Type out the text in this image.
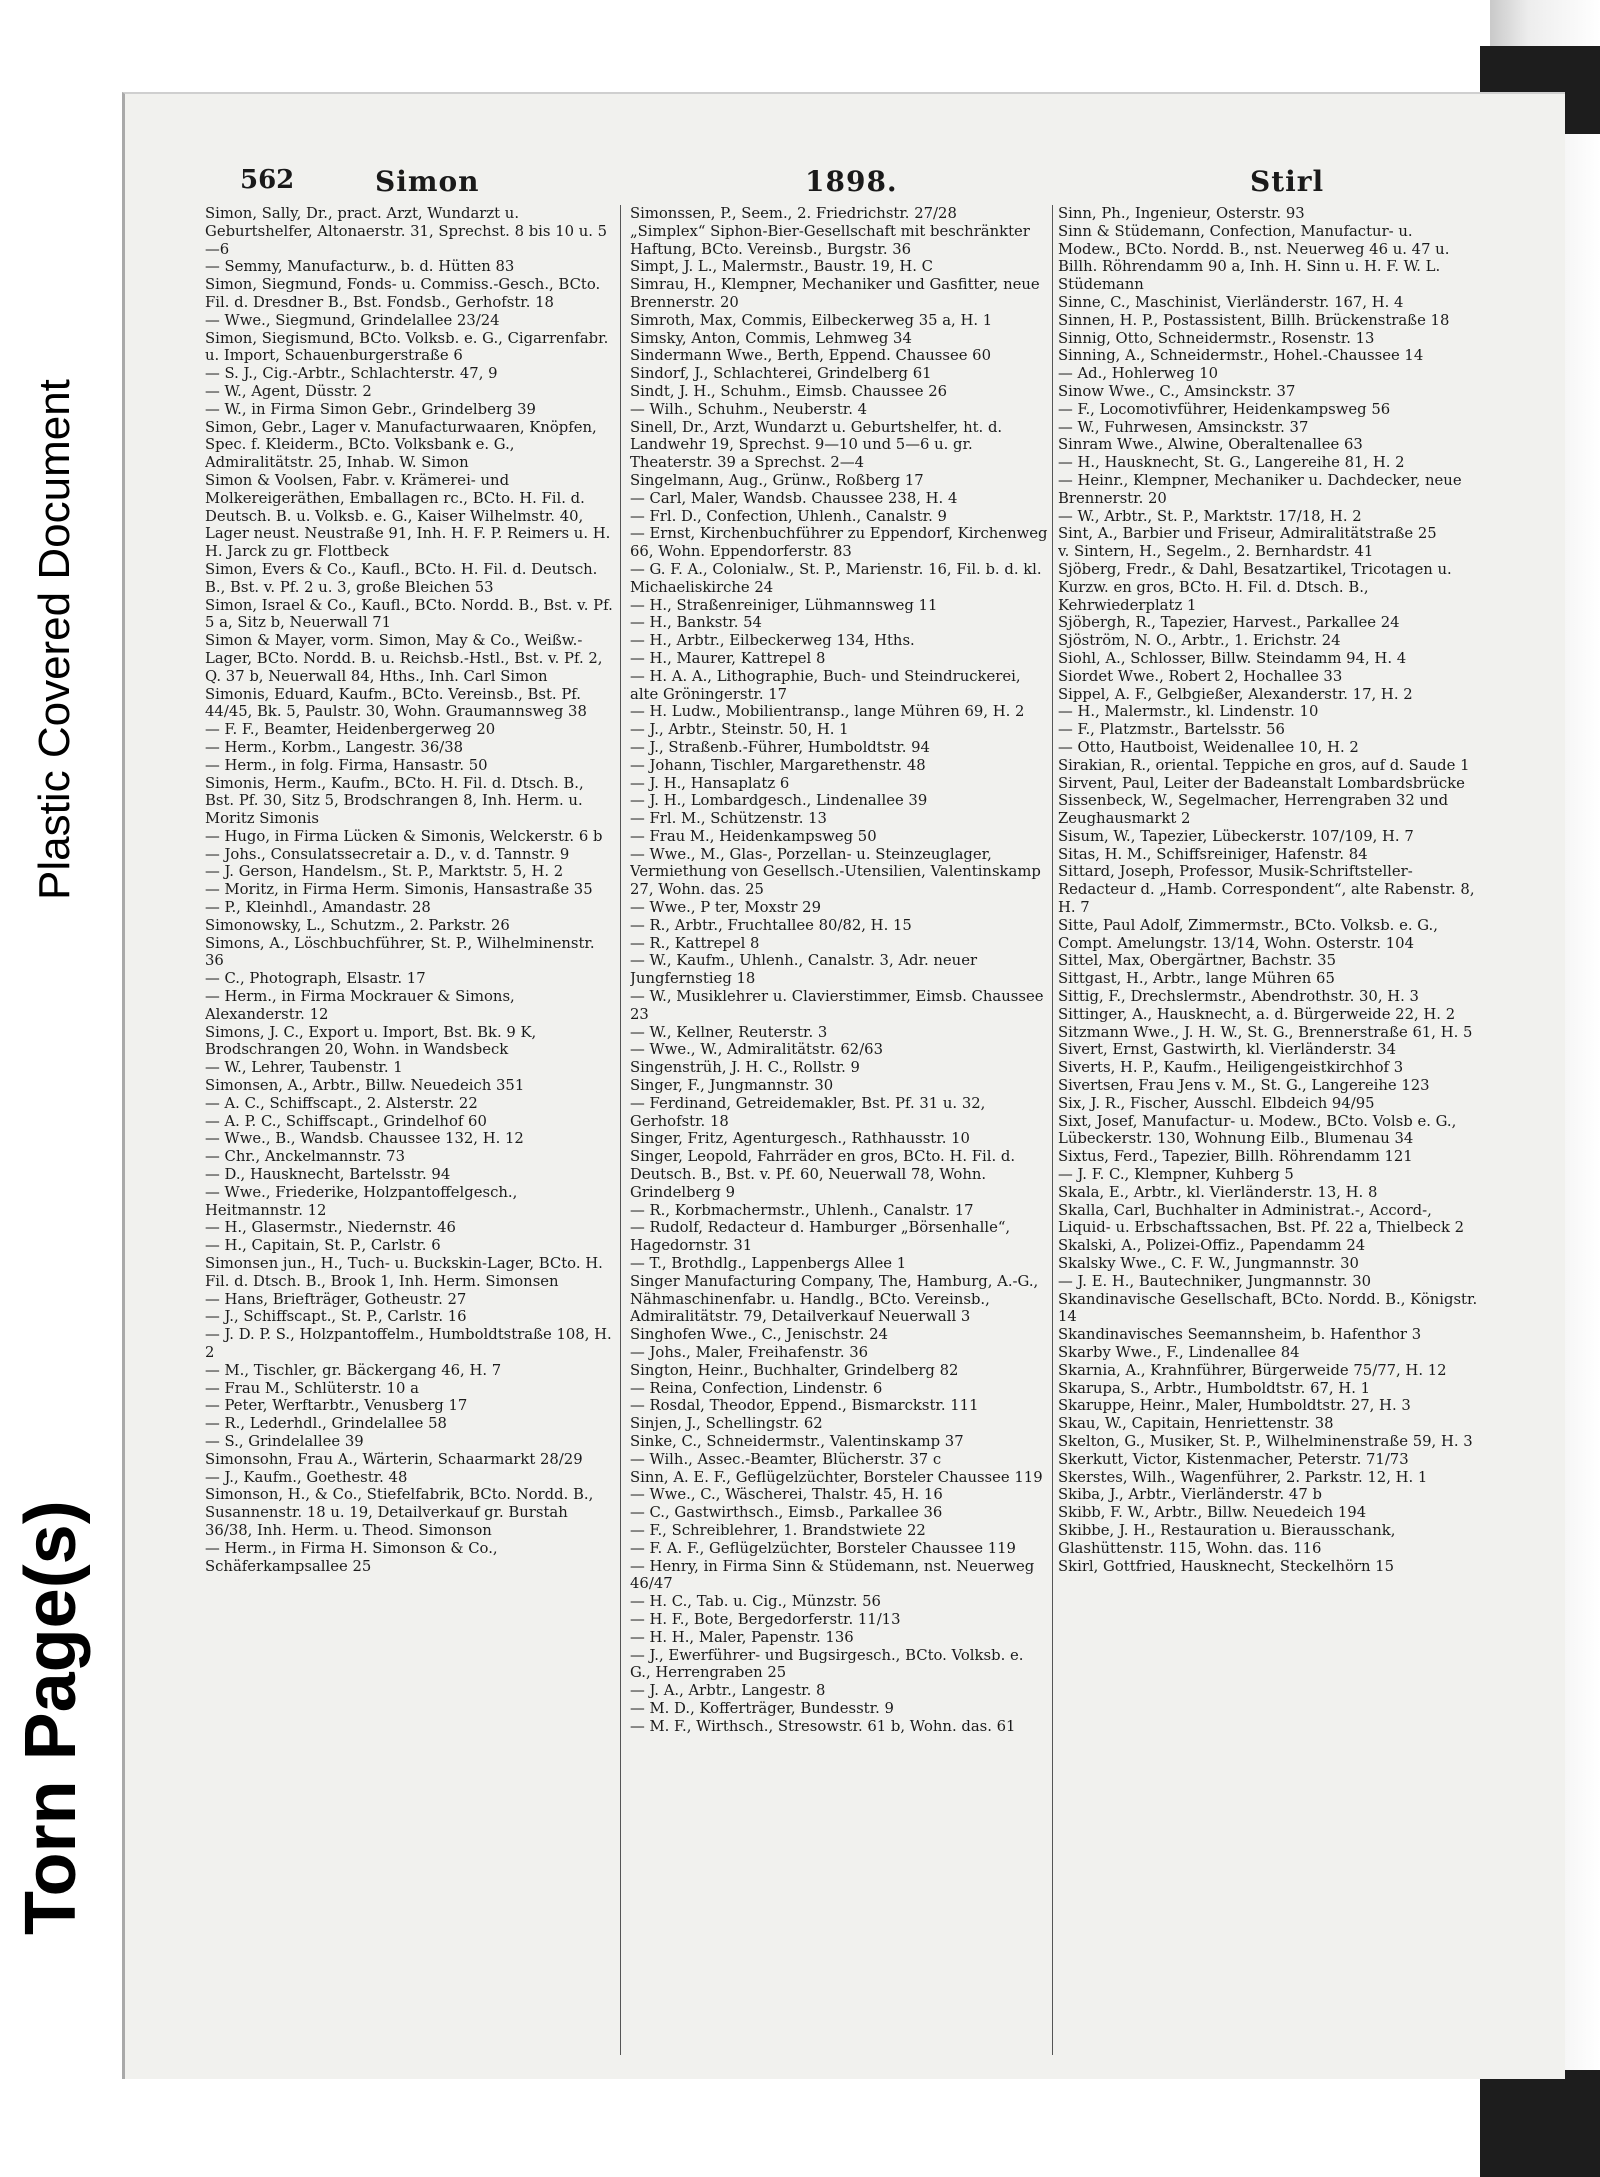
Plastic Covered Document
Torn Page(s)
562	Simon	1898.	Stirl
Simon, Sally, Dr., pract. Arzt, Wundarzt u. Geburtshelfer, Altonaerstr. 31, Sprechst. 8 bis 10 u. 5—6
— Semmy, Manufacturw., b. d. Hütten 83
Simon, Siegmund, Fonds- u. Commiss.-Gesch., BCto. Fil. d. Dresdner B., Bst. Fondsb., Gerhofstr. 18
— Wwe., Siegmund, Grindelallee 23/24
Simon, Siegismund, BCto. Volksb. e. G., Cigarrenfabr. u. Import, Schauenburgerstraße 6
— S. J., Cig.-Arbtr., Schlachterstr. 47, 9
— W., Agent, Düsstr. 2
— W., in Firma Simon Gebr., Grindelberg 39
Simon, Gebr., Lager v. Manufacturwaaren, Knöpfen, Spec. f. Kleiderm., BCto. Volksbank e. G., Admiralitätstr. 25, Inhab. W. Simon
Simon & Voolsen, Fabr. v. Krämerei- und Molkereigeräthen, Emballagen rc., BCto. H. Fil. d. Deutsch. B. u. Volksb. e. G., Kaiser Wilhelmstr. 40, Lager neust. Neustraße 91, Inh. H. F. P. Reimers u. H. H. Jarck zu gr. Flottbeck
Simon, Evers & Co., Kaufl., BCto. H. Fil. d. Deutsch. B., Bst. v. Pf. 2 u. 3, große Bleichen 53
Simon, Israel & Co., Kaufl., BCto. Nordd. B., Bst. v. Pf. 5 a, Sitz b, Neuerwall 71
Simon & Mayer, vorm. Simon, May & Co., Weißw.-Lager, BCto. Nordd. B. u. Reichsb.-Hstl., Bst. v. Pf. 2, Q. 37 b, Neuerwall 84, Hths., Inh. Carl Simon
Simonis, Eduard, Kaufm., BCto. Vereinsb., Bst. Pf. 44/45, Bk. 5, Paulstr. 30, Wohn. Graumannsweg 38
— F. F., Beamter, Heidenbergerweg 20
— Herm., Korbm., Langestr. 36/38
— Herm., in folg. Firma, Hansastr. 50
Simonis, Herm., Kaufm., BCto. H. Fil. d. Dtsch. B., Bst. Pf. 30, Sitz 5, Brodschrangen 8, Inh. Herm. u. Moritz Simonis
— Hugo, in Firma Lücken & Simonis, Welckerstr. 6 b
— Johs., Consulatssecretair a. D., v. d. Tannstr. 9
— J. Gerson, Handelsm., St. P., Marktstr. 5, H. 2
— Moritz, in Firma Herm. Simonis, Hansastraße 35
— P., Kleinhdl., Amandastr. 28
Simonowsky, L., Schutzm., 2. Parkstr. 26
Simons, A., Löschbuchführer, St. P., Wilhelminenstr. 36
— C., Photograph, Elsastr. 17
— Herm., in Firma Mockrauer & Simons, Alexanderstr. 12
Simons, J. C., Export u. Import, Bst. Bk. 9 K, Brodschrangen 20, Wohn. in Wandsbeck
— W., Lehrer, Taubenstr. 1
Simonsen, A., Arbtr., Billw. Neuedeich 351
— A. C., Schiffscapt., 2. Alsterstr. 22
— A. P. C., Schiffscapt., Grindelhof 60
— Wwe., B., Wandsb. Chaussee 132, H. 12
— Chr., Anckelmannstr. 73
— D., Hausknecht, Bartelsstr. 94
— Wwe., Friederike, Holzpantoffelgesch., Heitmannstr. 12
— H., Glasermstr., Niedernstr. 46
— H., Capitain, St. P., Carlstr. 6
Simonsen jun., H., Tuch- u. Buckskin-Lager, BCto. H. Fil. d. Dtsch. B., Brook 1, Inh. Herm. Simonsen
— Hans, Briefträger, Gotheustr. 27
— J., Schiffscapt., St. P., Carlstr. 16
— J. D. P. S., Holzpantoffelm., Humboldtstraße 108, H. 2
— M., Tischler, gr. Bäckergang 46, H. 7
— Frau M., Schlüterstr. 10 a
— Peter, Werftarbtr., Venusberg 17
— R., Lederhdl., Grindelallee 58
— S., Grindelallee 39
Simonsohn, Frau A., Wärterin, Schaarmarkt 28/29
— J., Kaufm., Goethestr. 48
Simonson, H., & Co., Stiefelfabrik, BCto. Nordd. B., Susannenstr. 18 u. 19, Detailverkauf gr. Burstah 36/38, Inh. Herm. u. Theod. Simonson
— Herm., in Firma H. Simonson & Co., Schäferkampsallee 25
Simonssen, P., Seem., 2. Friedrichstr. 27/28
„Simplex“ Siphon-Bier-Gesellschaft mit beschränkter Haftung, BCto. Vereinsb., Burgstr. 36
Simpt, J. L., Malermstr., Baustr. 19, H. C
Simrau, H., Klempner, Mechaniker und Gasfitter, neue Brennerstr. 20
Simroth, Max, Commis, Eilbeckerweg 35 a, H. 1
Simsky, Anton, Commis, Lehmweg 34
Sindermann Wwe., Berth, Eppend. Chaussee 60
Sindorf, J., Schlachterei, Grindelberg 61
Sindt, J. H., Schuhm., Eimsb. Chaussee 26
— Wilh., Schuhm., Neuberstr. 4
Sinell, Dr., Arzt, Wundarzt u. Geburtshelfer, ht. d. Landwehr 19, Sprechst. 9—10 und 5—6 u. gr. Theaterstr. 39 a Sprechst. 2—4
Singelmann, Aug., Grünw., Roßberg 17
— Carl, Maler, Wandsb. Chaussee 238, H. 4
— Frl. D., Confection, Uhlenh., Canalstr. 9
— Ernst, Kirchenbuchführer zu Eppendorf, Kirchenweg 66, Wohn. Eppendorferstr. 83
— G. F. A., Colonialw., St. P., Marienstr. 16, Fil. b. d. kl. Michaeliskirche 24
— H., Straßenreiniger, Lühmannsweg 11
— H., Bankstr. 54
— H., Arbtr., Eilbeckerweg 134, Hths.
— H., Maurer, Kattrepel 8
— H. A. A., Lithographie, Buch- und Steindruckerei, alte Gröningerstr. 17
— H. Ludw., Mobilientransp., lange Mühren 69, H. 2
— J., Arbtr., Steinstr. 50, H. 1
— J., Straßenb.-Führer, Humboldtstr. 94
— Johann, Tischler, Margarethenstr. 48
— J. H., Hansaplatz 6
— J. H., Lombardgesch., Lindenallee 39
— Frl. M., Schützenstr. 13
— Frau M., Heidenkampsweg 50
— Wwe., M., Glas-, Porzellan- u. Steinzeuglager, Vermiethung von Gesellsch.-Utensilien, Valentinskamp 27, Wohn. das. 25
— Wwe., P ter, Moxstr 29
— R., Arbtr., Fruchtallee 80/82, H. 15
— R., Kattrepel 8
— W., Kaufm., Uhlenh., Canalstr. 3, Adr. neuer Jungfernstieg 18
— W., Musiklehrer u. Clavierstimmer, Eimsb. Chaussee 23
— W., Kellner, Reuterstr. 3
— Wwe., W., Admiralitätstr. 62/63
Singenstrüh, J. H. C., Rollstr. 9
Singer, F., Jungmannstr. 30
— Ferdinand, Getreidemakler, Bst. Pf. 31 u. 32, Gerhofstr. 18
Singer, Fritz, Agenturgesch., Rathhausstr. 10
Singer, Leopold, Fahrräder en gros, BCto. H. Fil. d. Deutsch. B., Bst. v. Pf. 60, Neuerwall 78, Wohn. Grindelberg 9
— R., Korbmachermstr., Uhlenh., Canalstr. 17
— Rudolf, Redacteur d. Hamburger „Börsenhalle“, Hagedornstr. 31
— T., Brothdlg., Lappenbergs Allee 1
Singer Manufacturing Company, The, Hamburg, A.-G., Nähmaschinenfabr. u. Handlg., BCto. Vereinsb., Admiralitätstr. 79, Detailverkauf Neuerwall 3
Singhofen Wwe., C., Jenischstr. 24
— Johs., Maler, Freihafenstr. 36
Sington, Heinr., Buchhalter, Grindelberg 82
— Reina, Confection, Lindenstr. 6
— Rosdal, Theodor, Eppend., Bismarckstr. 111
Sinjen, J., Schellingstr. 62
Sinke, C., Schneidermstr., Valentinskamp 37
— Wilh., Assec.-Beamter, Blücherstr. 37 c
Sinn, A. E. F., Geflügelzüchter, Borsteler Chaussee 119
— Wwe., C., Wäscherei, Thalstr. 45, H. 16
— C., Gastwirthsch., Eimsb., Parkallee 36
— F., Schreiblehrer, 1. Brandstwiete 22
— F. A. F., Geflügelzüchter, Borsteler Chaussee 119
— Henry, in Firma Sinn & Stüdemann, nst. Neuerweg 46/47
— H. C., Tab. u. Cig., Münzstr. 56
— H. F., Bote, Bergedorferstr. 11/13
— H. H., Maler, Papenstr. 136
— J., Ewerführer- und Bugsirgesch., BCto. Volksb. e. G., Herrengraben 25
— J. A., Arbtr., Langestr. 8
— M. D., Kofferträger, Bundesstr. 9
— M. F., Wirthsch., Stresowstr. 61 b, Wohn. das. 61
Sinn, Ph., Ingenieur, Osterstr. 93
Sinn & Stüdemann, Confection, Manufactur- u. Modew., BCto. Nordd. B., nst. Neuerweg 46 u. 47 u. Billh. Röhrendamm 90 a, Inh. H. Sinn u. H. F. W. L. Stüdemann
Sinne, C., Maschinist, Vierländerstr. 167, H. 4
Sinnen, H. P., Postassistent, Billh. Brückenstraße 18
Sinnig, Otto, Schneidermstr., Rosenstr. 13
Sinning, A., Schneidermstr., Hohel.-Chaussee 14
— Ad., Hohlerweg 10
Sinow Wwe., C., Amsinckstr. 37
— F., Locomotivführer, Heidenkampsweg 56
— W., Fuhrwesen, Amsinckstr. 37
Sinram Wwe., Alwine, Oberaltenallee 63
— H., Hausknecht, St. G., Langereihe 81, H. 2
— Heinr., Klempner, Mechaniker u. Dachdecker, neue Brennerstr. 20
— W., Arbtr., St. P., Marktstr. 17/18, H. 2
Sint, A., Barbier und Friseur, Admiralitätstraße 25
v. Sintern, H., Segelm., 2. Bernhardstr. 41
Sjöberg, Fredr., & Dahl, Besatzartikel, Tricotagen u. Kurzw. en gros, BCto. H. Fil. d. Dtsch. B., Kehrwiederplatz 1
Sjöbergh, R., Tapezier, Harvest., Parkallee 24
Sjöström, N. O., Arbtr., 1. Erichstr. 24
Siohl, A., Schlosser, Billw. Steindamm 94, H. 4
Siordet Wwe., Robert 2, Hochallee 33
Sippel, A. F., Gelbgießer, Alexanderstr. 17, H. 2
— H., Malermstr., kl. Lindenstr. 10
— F., Platzmstr., Bartelsstr. 56
— Otto, Hautboist, Weidenallee 10, H. 2
Sirakian, R., oriental. Teppiche en gros, auf d. Saude 1
Sirvent, Paul, Leiter der Badeanstalt Lombardsbrücke
Sissenbeck, W., Segelmacher, Herrengraben 32 und Zeughausmarkt 2
Sisum, W., Tapezier, Lübeckerstr. 107/109, H. 7
Sitas, H. M., Schiffsreiniger, Hafenstr. 84
Sittard, Joseph, Professor, Musik-Schriftsteller-Redacteur d. „Hamb. Correspondent“, alte Rabenstr. 8, H. 7
Sitte, Paul Adolf, Zimmermstr., BCto. Volksb. e. G., Compt. Amelungstr. 13/14, Wohn. Osterstr. 104
Sittel, Max, Obergärtner, Bachstr. 35
Sittgast, H., Arbtr., lange Mühren 65
Sittig, F., Drechslermstr., Abendrothstr. 30, H. 3
Sittinger, A., Hausknecht, a. d. Bürgerweide 22, H. 2
Sitzmann Wwe., J. H. W., St. G., Brennerstraße 61, H. 5
Sivert, Ernst, Gastwirth, kl. Vierländerstr. 34
Siverts, H. P., Kaufm., Heiligengeistkirchhof 3
Sivertsen, Frau Jens v. M., St. G., Langereihe 123
Six, J. R., Fischer, Ausschl. Elbdeich 94/95
Sixt, Josef, Manufactur- u. Modew., BCto. Volsb e. G., Lübeckerstr. 130, Wohnung Eilb., Blumenau 34
Sixtus, Ferd., Tapezier, Billh. Röhrendamm 121
— J. F. C., Klempner, Kuhberg 5
Skala, E., Arbtr., kl. Vierländerstr. 13, H. 8
Skalla, Carl, Buchhalter in Administrat.-, Accord-, Liquid- u. Erbschaftssachen, Bst. Pf. 22 a, Thielbeck 2
Skalski, A., Polizei-Offiz., Papendamm 24
Skalsky Wwe., C. F. W., Jungmannstr. 30
— J. E. H., Bautechniker, Jungmannstr. 30
Skandinavische Gesellschaft, BCto. Nordd. B., Königstr. 14
Skandinavisches Seemannsheim, b. Hafenthor 3
Skarby Wwe., F., Lindenallee 84
Skarnia, A., Krahnführer, Bürgerweide 75/77, H. 12
Skarupa, S., Arbtr., Humboldtstr. 67, H. 1
Skaruppe, Heinr., Maler, Humboldtstr. 27, H. 3
Skau, W., Capitain, Henriettenstr. 38
Skelton, G., Musiker, St. P., Wilhelminenstraße 59, H. 3
Skerkutt, Victor, Kistenmacher, Peterstr. 71/73
Skerstes, Wilh., Wagenführer, 2. Parkstr. 12, H. 1
Skiba, J., Arbtr., Vierländerstr. 47 b
Skibb, F. W., Arbtr., Billw. Neuedeich 194
Skibbe, J. H., Restauration u. Bierausschank, Glashüttenstr. 115, Wohn. das. 116
Skirl, Gottfried, Hausknecht, Steckelhörn 15
